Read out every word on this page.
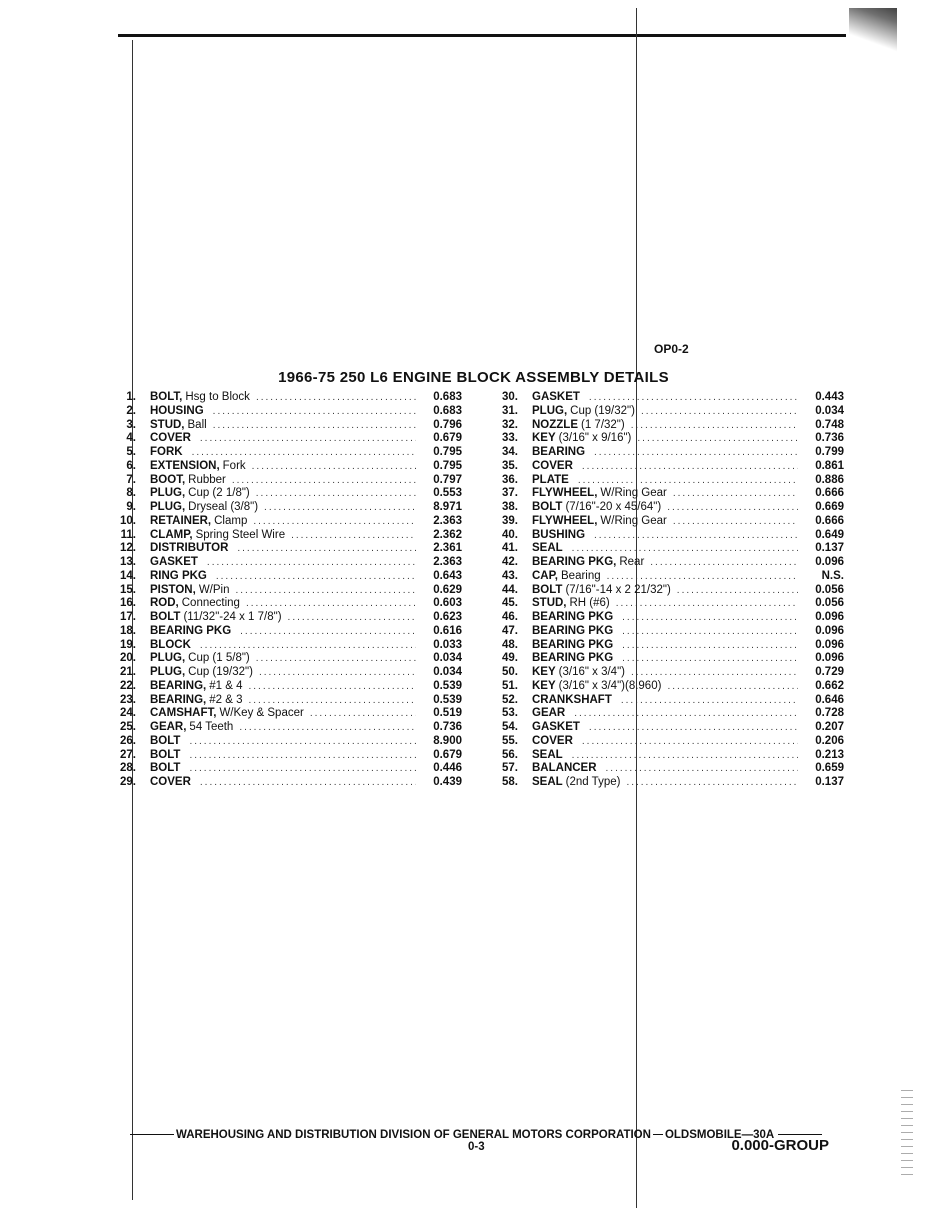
OP0-2
1966-75 250 L6 ENGINE BLOCK ASSEMBLY DETAILS
1.	BOLT, Hsg to Block .....	0.683
2.	HOUSING .....	0.683
3.	STUD, Ball .....	0.796
4.	COVER .....	0.679
5.	FORK .....	0.795
6.	EXTENSION, Fork .....	0.795
7.	BOOT, Rubber .....	0.797
8.	PLUG, Cup (2 1/8") .....	0.553
9.	PLUG, Dryseal (3/8") .....	8.971
10.	RETAINER, Clamp .....	2.363
11.	CLAMP, Spring Steel Wire .....	2.362
12.	DISTRIBUTOR .....	2.361
13.	GASKET .....	2.363
14.	RING PKG .....	0.643
15.	PISTON, W/Pin .....	0.629
16.	ROD, Connecting .....	0.603
17.	BOLT (11/32"-24 x 1 7/8") .....	0.623
18.	BEARING PKG .....	0.616
19.	BLOCK .....	0.033
20.	PLUG, Cup (1 5/8") .....	0.034
21.	PLUG, Cup (19/32") .....	0.034
22.	BEARING, #1 & 4 .....	0.539
23.	BEARING, #2 & 3 .....	0.539
24.	CAMSHAFT, W/Key & Spacer .....	0.519
25.	GEAR, 54 Teeth .....	0.736
26.	BOLT .....	8.900
27.	BOLT .....	0.679
28.	BOLT .....	0.446
29.	COVER .....	0.439
30.	GASKET .....	0.443
31.	PLUG, Cup (19/32") .....	0.034
32.	NOZZLE (1 7/32") .....	0.748
33.	KEY (3/16" x 9/16") .....	0.736
34.	BEARING .....	0.799
35.	COVER .....	0.861
36.	PLATE .....	0.886
37.	FLYWHEEL, W/Ring Gear .....	0.666
38.	BOLT (7/16"-20 x 45/64") .....	0.669
39.	FLYWHEEL, W/Ring Gear .....	0.666
40.	BUSHING .....	0.649
41.	SEAL .....	0.137
42.	BEARING PKG, Rear .....	0.096
43.	CAP, Bearing .....	N.S.
44.	BOLT (7/16"-14 x 2 21/32") .....	0.056
45.	STUD, RH (#6) .....	0.056
46.	BEARING PKG .....	0.096
47.	BEARING PKG .....	0.096
48.	BEARING PKG .....	0.096
49.	BEARING PKG .....	0.096
50.	KEY (3/16" x 3/4") .....	0.729
51.	KEY (3/16" x 3/4")(8.960) .....	0.662
52.	CRANKSHAFT .....	0.646
53.	GEAR .....	0.728
54.	GASKET .....	0.207
55.	COVER .....	0.206
56.	SEAL .....	0.213
57.	BALANCER .....	0.659
58.	SEAL (2nd Type) .....	0.137
WAREHOUSING AND DISTRIBUTION DIVISION OF GENERAL MOTORS CORPORATION OLDSMOBILE—30A
0-3	0.000-GROUP
